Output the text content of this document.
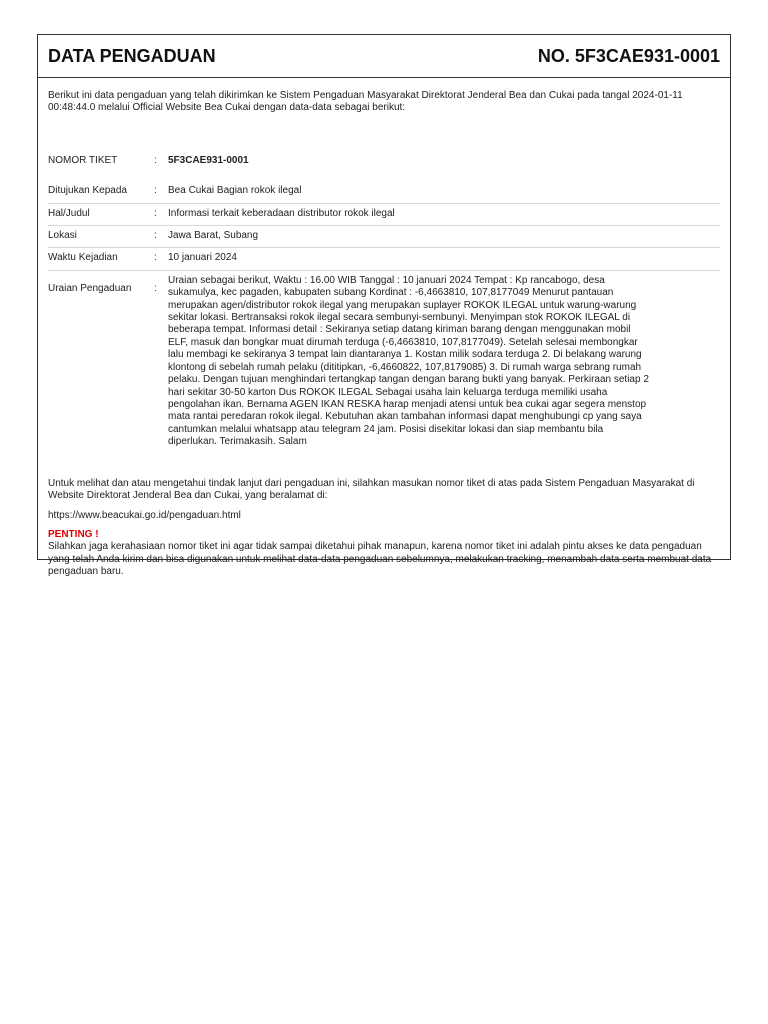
DATA PENGADUAN	NO. 5F3CAE931-0001

Berikut ini data pengaduan yang telah dikirimkan ke Sistem Pengaduan Masyarakat Direktorat Jenderal Bea dan Cukai pada tangal 2024-01-11 00:48:44.0 melalui Official Website Bea Cukai dengan data-data sebagai berikut:

NOMOR TIKET	:	5F3CAE931-0001
Ditujukan Kepada	:	Bea Cukai Bagian rokok ilegal
Hal/Judul	:	Informasi terkait keberadaan distributor rokok ilegal
Lokasi	:	Jawa Barat, Subang
Waktu Kejadian	:	10 januari 2024
Uraian Pengaduan	:
Uraian sebagai berikut, Waktu : 16.00 WIB Tanggal : 10 januari 2024 Tempat : Kp rancabogo, desa sukamulya, kec pagaden, kabupaten subang Kordinat : -6,4663810, 107,8177049 Menurut pantauan merupakan agen/distributor rokok ilegal yang merupakan suplayer ROKOK ILEGAL untuk warung-warung sekitar lokasi. Bertransaksi rokok ilegal secara sembunyi-sembunyi. Menyimpan stok ROKOK ILEGAL di beberapa tempat. Informasi detail : Sekiranya setiap datang kiriman barang dengan menggunakan mobil ELF, masuk dan bongkar muat dirumah terduga (-6,4663810, 107,8177049). Setelah selesai membongkar lalu membagi ke sekiranya 3 tempat lain diantaranya 1. Kostan milik sodara terduga 2. Di belakang warung klontong di sebelah rumah pelaku (dititipkan, -6,4660822, 107,8179085) 3. Di rumah warga sebrang rumah pelaku. Dengan tujuan menghindari tertangkap tangan dengan barang bukti yang banyak. Perkiraan setiap 2 hari sekitar 30-50 karton Dus ROKOK ILEGAL Sebagai usaha lain keluarga terduga memiliki usaha pengolahan ikan. Bernama AGEN IKAN RESKA harap menjadi atensi untuk bea cukai agar segera menstop mata rantai peredaran rokok ilegal. Kebutuhan akan tambahan informasi dapat menghubungi cp yang saya cantumkan melalui whatsapp atau telegram 24 jam. Posisi disekitar lokasi dan siap membantu bila diperlukan. Terimakasih. Salam

Untuk melihat dan atau mengetahui tindak lanjut dari pengaduan ini, silahkan masukan nomor tiket di atas pada Sistem Pengaduan Masyarakat di Website Direktorat Jenderal Bea dan Cukai, yang beralamat di:

https://www.beacukai.go.id/pengaduan.html

PENTING !

Silahkan jaga kerahasiaan nomor tiket ini agar tidak sampai diketahui pihak manapun, karena nomor tiket ini adalah pintu akses ke data pengaduan yang telah Anda kirim dan bisa digunakan untuk melihat data-data pengaduan sebelumnya, melakukan tracking, menambah data serta membuat data pengaduan baru.
